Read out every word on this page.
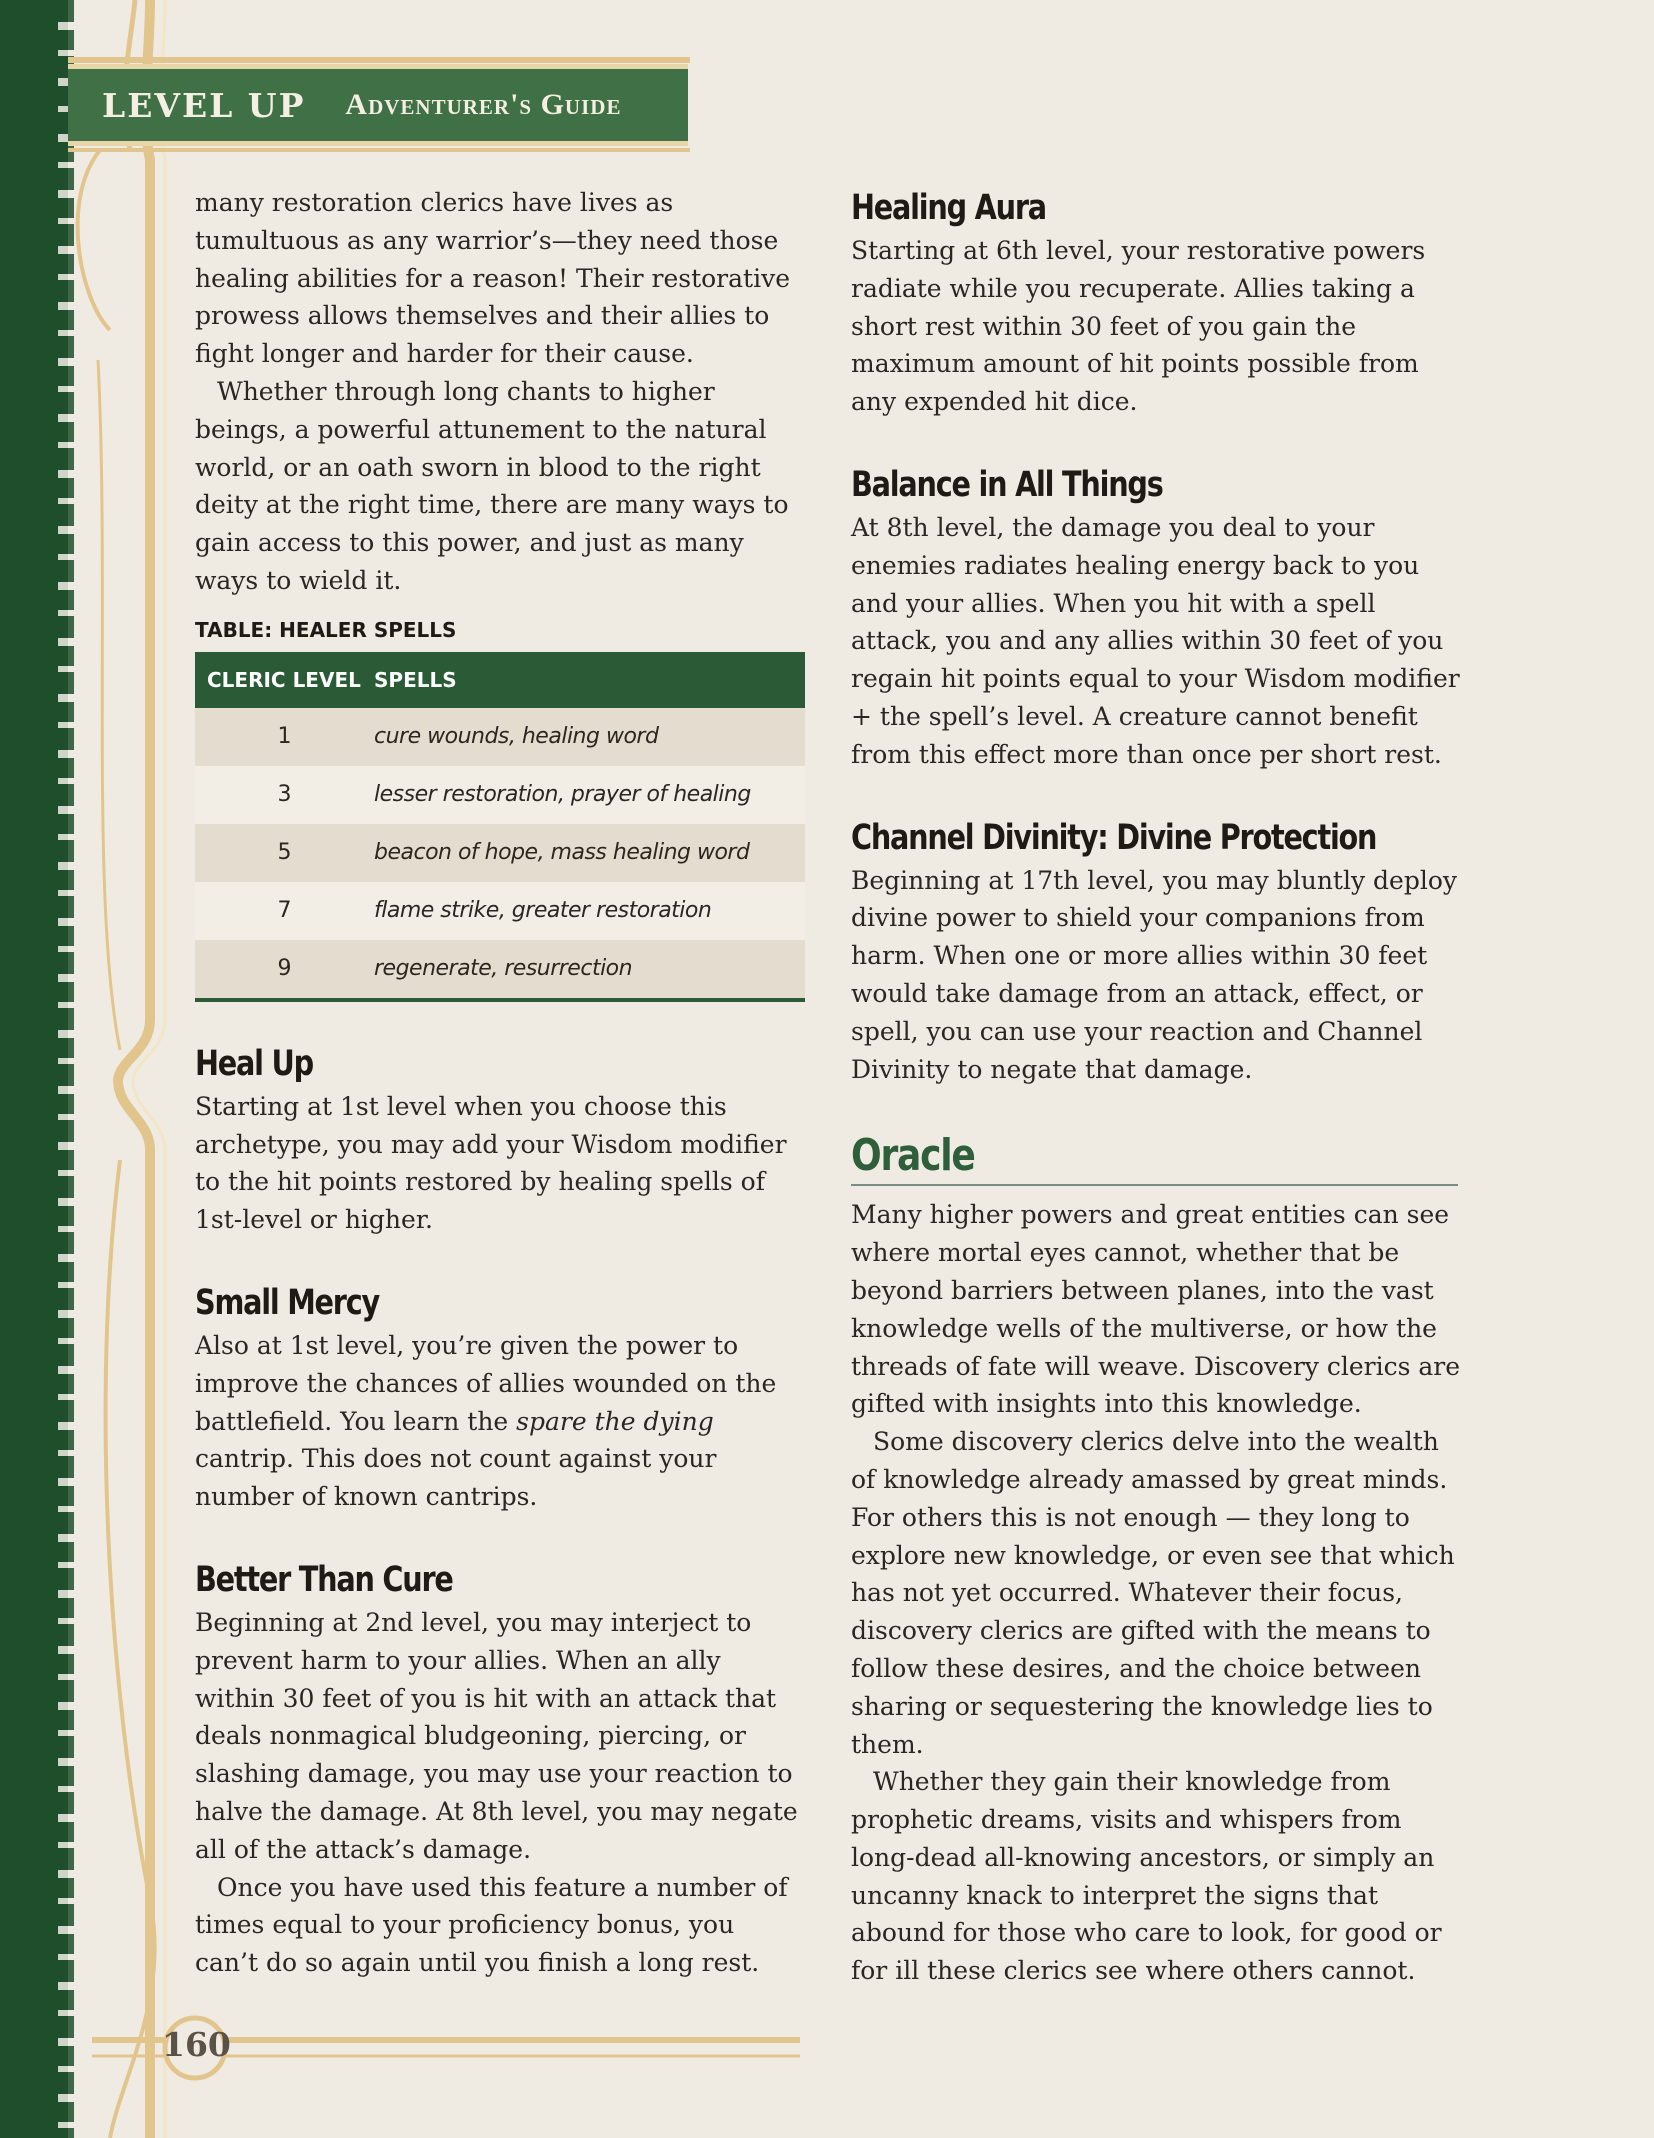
LEVEL UP Adventurer's Guide

many restoration clerics have lives as tumultuous as any warrior’s—they need those healing abilities for a reason! Their restorative prowess allows themselves and their allies to fight longer and harder for their cause.

Whether through long chants to higher beings, a powerful attunement to the natural world, or an oath sworn in blood to the right deity at the right time, there are many ways to gain access to this power, and just as many ways to wield it.

TABLE: HEALER SPELLS
CLERIC LEVEL	SPELLS
1	cure wounds, healing word
3	lesser restoration, prayer of healing
5	beacon of hope, mass healing word
7	flame strike, greater restoration
9	regenerate, resurrection
Heal Up

Starting at 1st level when you choose this archetype, you may add your Wisdom modifier to the hit points restored by healing spells of 1st-level or higher.

Small Mercy

Also at 1st level, you’re given the power to improve the chances of allies wounded on the battlefield. You learn the spare the dying cantrip. This does not count against your number of known cantrips.

Better Than Cure

Beginning at 2nd level, you may interject to prevent harm to your allies. When an ally within 30 feet of you is hit with an attack that deals nonmagical bludgeoning, piercing, or slashing damage, you may use your reaction to halve the damage. At 8th level, you may negate all of the attack’s damage.

Once you have used this feature a number of times equal to your proficiency bonus, you can’t do so again until you finish a long rest.

Healing Aura

Starting at 6th level, your restorative powers radiate while you recuperate. Allies taking a short rest within 30 feet of you gain the maximum amount of hit points possible from any expended hit dice.

Balance in All Things

At 8th level, the damage you deal to your enemies radiates healing energy back to you and your allies. When you hit with a spell attack, you and any allies within 30 feet of you regain hit points equal to your Wisdom modifier + the spell’s level. A creature cannot benefit from this effect more than once per short rest.

Channel Divinity: Divine Protection

Beginning at 17th level, you may bluntly deploy divine power to shield your companions from harm. When one or more allies within 30 feet would take damage from an attack, effect, or spell, you can use your reaction and Channel Divinity to negate that damage.

Oracle

Many higher powers and great entities can see where mortal eyes cannot, whether that be beyond barriers between planes, into the vast knowledge wells of the multiverse, or how the threads of fate will weave. Discovery clerics are gifted with insights into this knowledge.

Some discovery clerics delve into the wealth of knowledge already amassed by great minds. For others this is not enough — they long to explore new knowledge, or even see that which has not yet occurred. Whatever their focus, discovery clerics are gifted with the means to follow these desires, and the choice between sharing or sequestering the knowledge lies to them.

Whether they gain their knowledge from prophetic dreams, visits and whispers from long-dead all-knowing ancestors, or simply an uncanny knack to interpret the signs that abound for those who care to look, for good or for ill these clerics see where others cannot.

160
